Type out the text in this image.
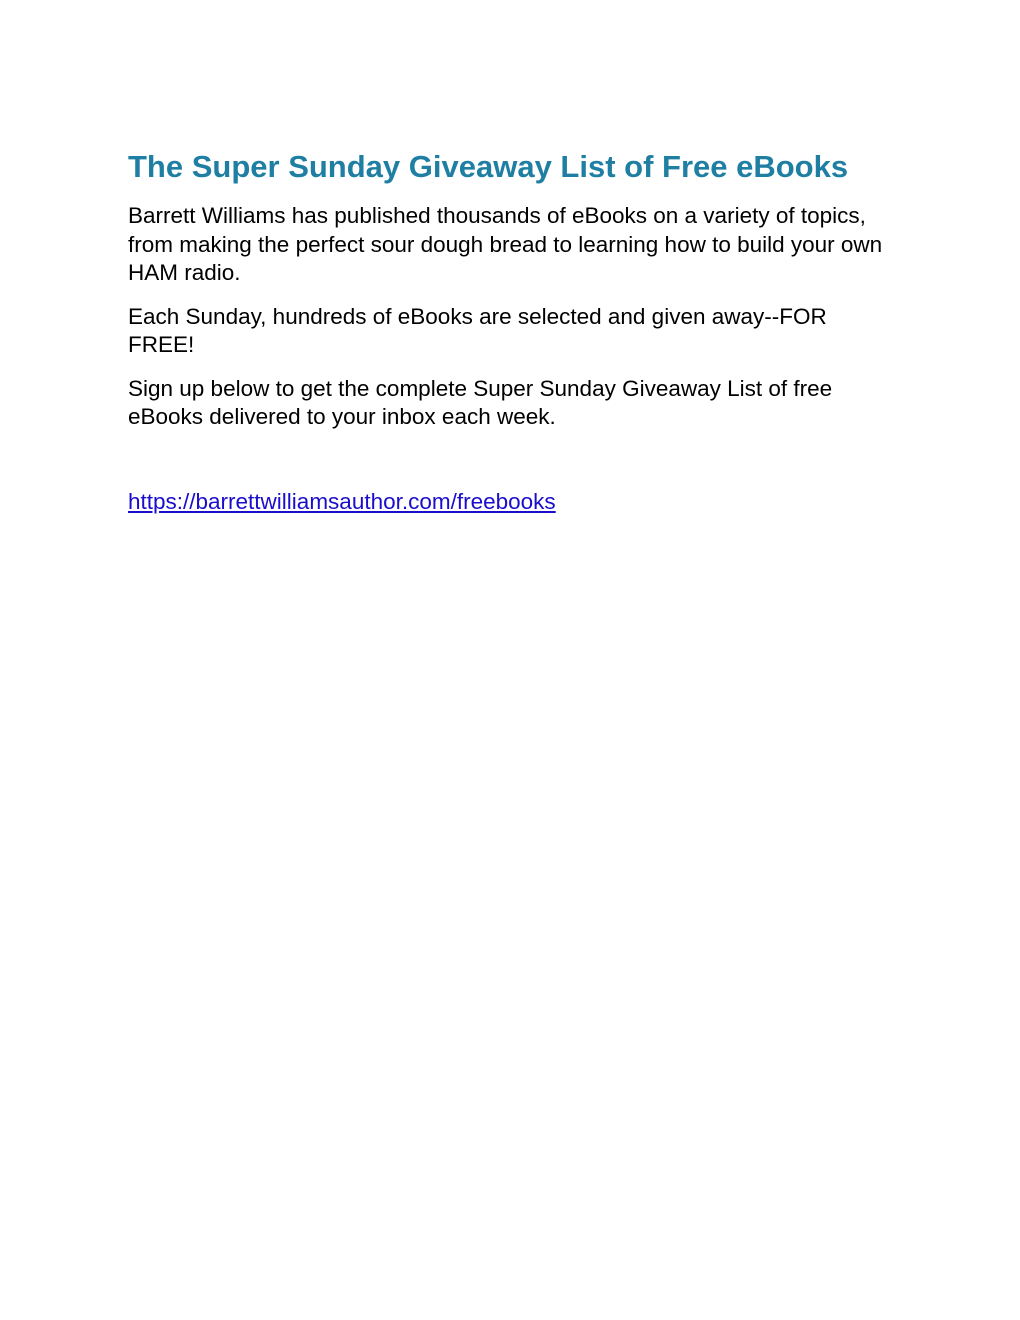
The Super Sunday Giveaway List of Free eBooks

Barrett Williams has published thousands of eBooks on a variety of topics, from making the perfect sour dough bread to learning how to build your own HAM radio.

Each Sunday, hundreds of eBooks are selected and given away--FOR FREE!

Sign up below to get the complete Super Sunday Giveaway List of free eBooks delivered to your inbox each week.

https://barrettwilliamsauthor.com/freebooks
